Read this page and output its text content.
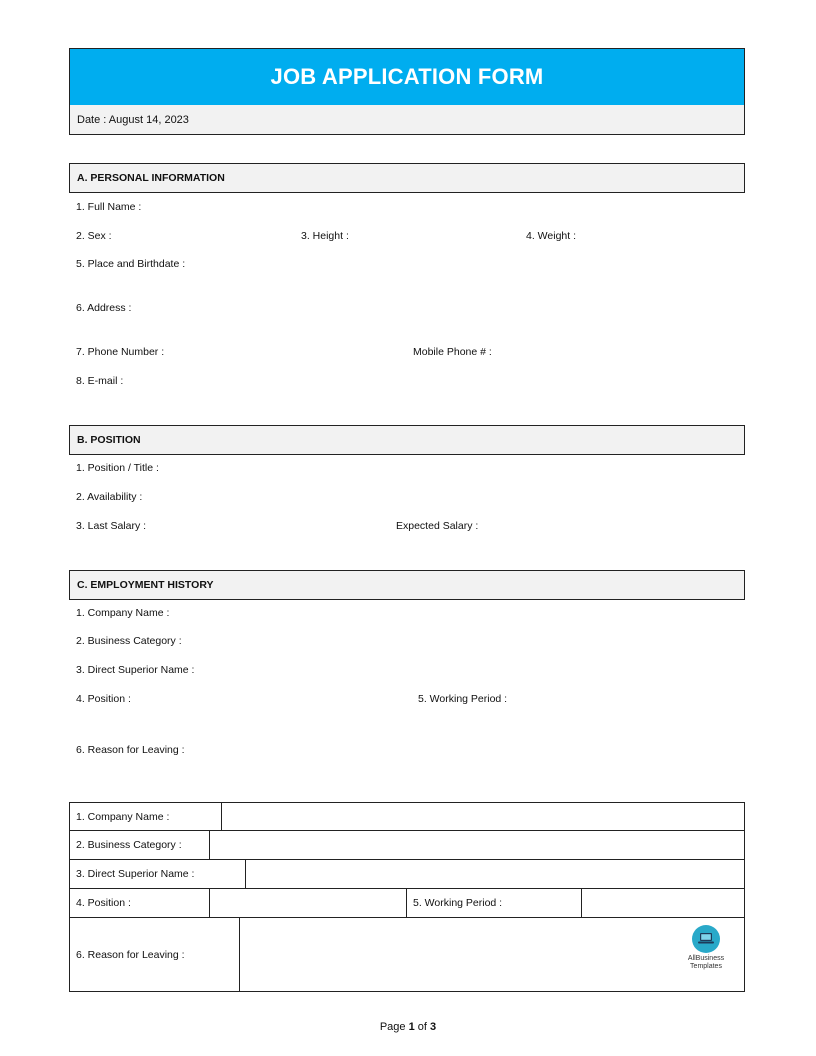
JOB APPLICATION FORM
Date : August 14, 2023
A. PERSONAL INFORMATION
1. Full Name :
2. Sex :	3. Height :	4. Weight :
5. Place and Birthdate :
6. Address :
7. Phone Number :	Mobile Phone # :
8. E-mail :
B. POSITION
1. Position / Title :
2. Availability :
3. Last Salary :	Expected Salary :
C. EMPLOYMENT HISTORY
1. Company Name :
2. Business Category :
3. Direct Superior Name :
4. Position :	5. Working Period :
6. Reason for Leaving :
1. Company Name :
2. Business Category :
3. Direct Superior Name :
4. Position :	5. Working Period :
6. Reason for Leaving :	AllBusiness
Templates
Page 1 of 3
